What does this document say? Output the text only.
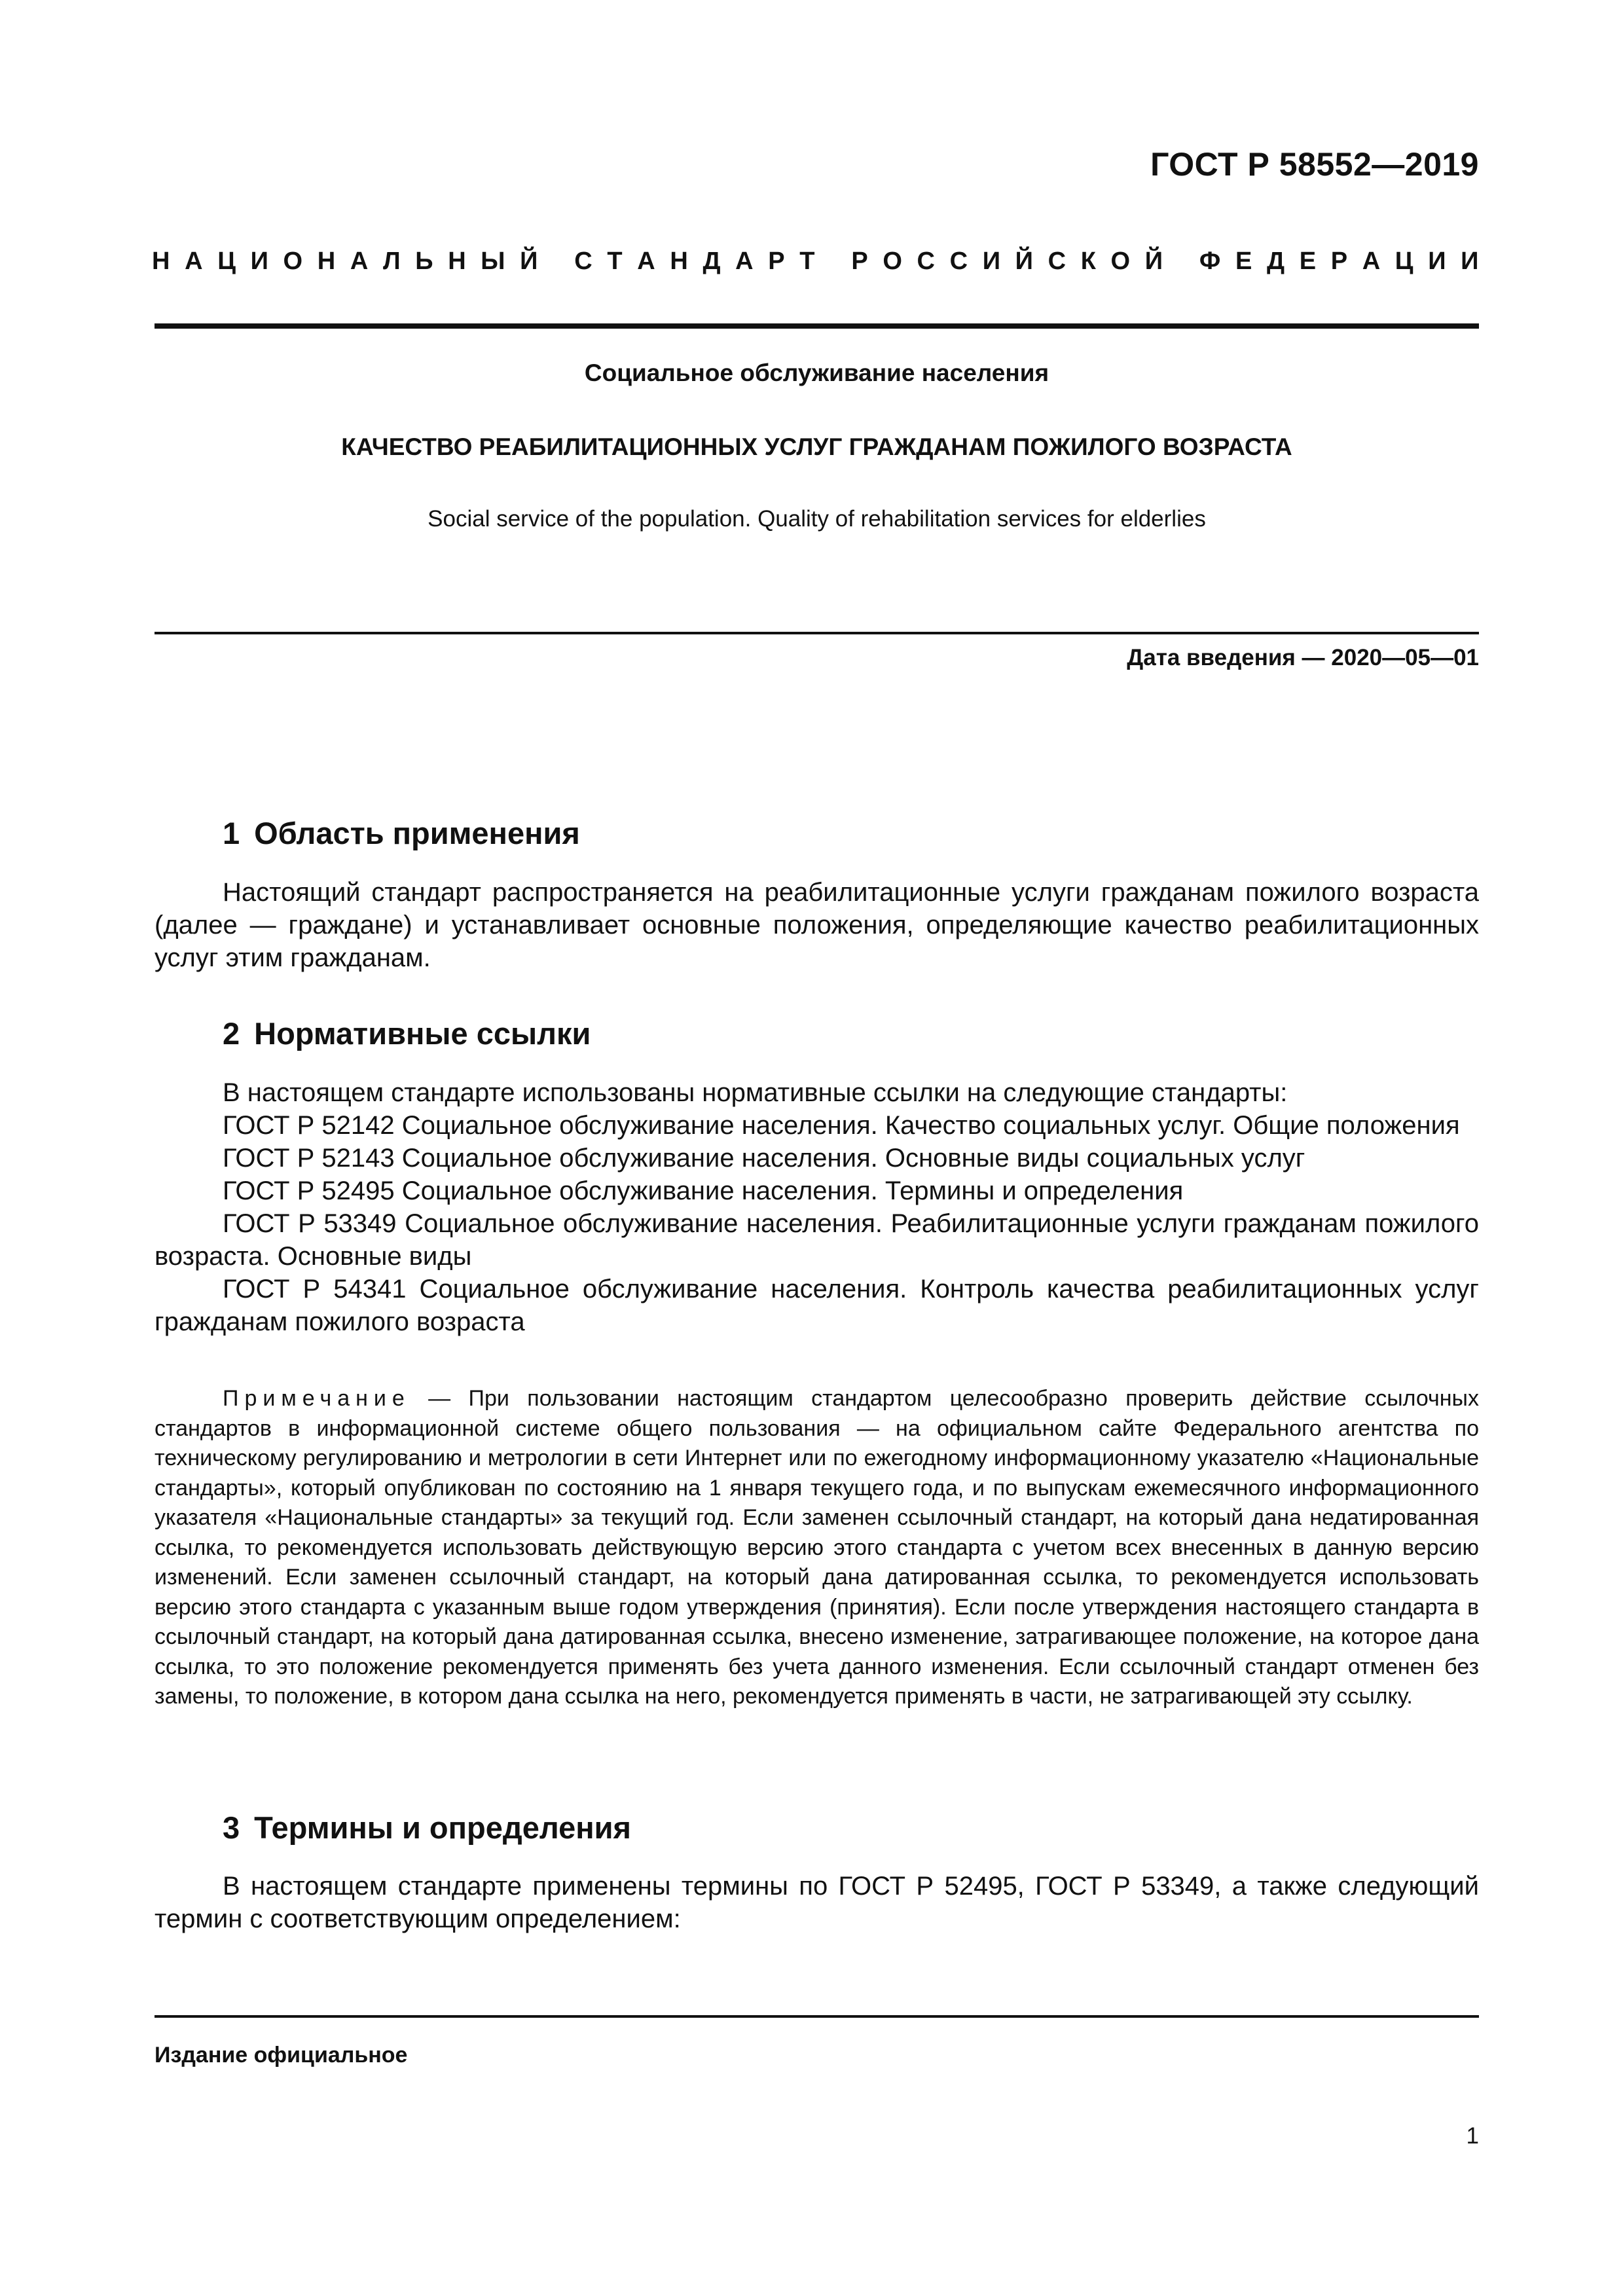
ГОСТ Р 58552—2019
Н А Ц И О Н А Л Ь Н Ы Й
С Т А Н Д А Р Т
Р О С С И Й С К О Й
Ф Е Д Е Р А Ц И И
Социальное обслуживание населения
КАЧЕСТВО РЕАБИЛИТАЦИОННЫХ УСЛУГ ГРАЖДАНАМ ПОЖИЛОГО ВОЗРАСТА
Social service of the population. Quality of rehabilitation services for elderlies
Дата введения — 2020—05—01
1 Область применения

Настоящий стандарт распространяется на реабилитационные услуги гражданам пожилого возраста (далее — граждане) и устанавливает основные положения, определяющие качество реабилитационных услуг этим гражданам.

2 Нормативные ссылки

В настоящем стандарте использованы нормативные ссылки на следующие стандарты:

ГОСТ Р 52142 Социальное обслуживание населения. Качество социальных услуг. Общие положения

ГОСТ Р 52143 Социальное обслуживание населения. Основные виды социальных услуг

ГОСТ Р 52495 Социальное обслуживание населения. Термины и определения

ГОСТ Р 53349 Социальное обслуживание населения. Реабилитационные услуги гражданам пожилого возраста. Основные виды

ГОСТ Р 54341 Социальное обслуживание населения. Контроль качества реабилитационных услуг гражданам пожилого возраста

Примечание — При пользовании настоящим стандартом целесообразно проверить действие ссылочных стандартов в информационной системе общего пользования — на официальном сайте Федерального агентства по техническому регулированию и метрологии в сети Интернет или по ежегодному информационному указателю «Национальные стандарты», который опубликован по состоянию на 1 января текущего года, и по выпускам ежемесячного информационного указателя «Национальные стандарты» за текущий год. Если заменен ссылочный стандарт, на который дана недатированная ссылка, то рекомендуется использовать действующую версию этого стандарта с учетом всех внесенных в данную версию изменений. Если заменен ссылочный стандарт, на который дана датированная ссылка, то рекомендуется использовать версию этого стандарта с указанным выше годом утверждения (принятия). Если после утверждения настоящего стандарта в ссылочный стандарт, на который дана датированная ссылка, внесено изменение, затрагивающее положение, на которое дана ссылка, то это положение рекомендуется применять без учета данного изменения. Если ссылочный стандарт отменен без замены, то положение, в котором дана ссылка на него, рекомендуется применять в части, не затрагивающей эту ссылку.
3 Термины и определения

В настоящем стандарте применены термины по ГОСТ Р 52495, ГОСТ Р 53349, а также следующий термин с соответствующим определением:

Издание официальное
1
